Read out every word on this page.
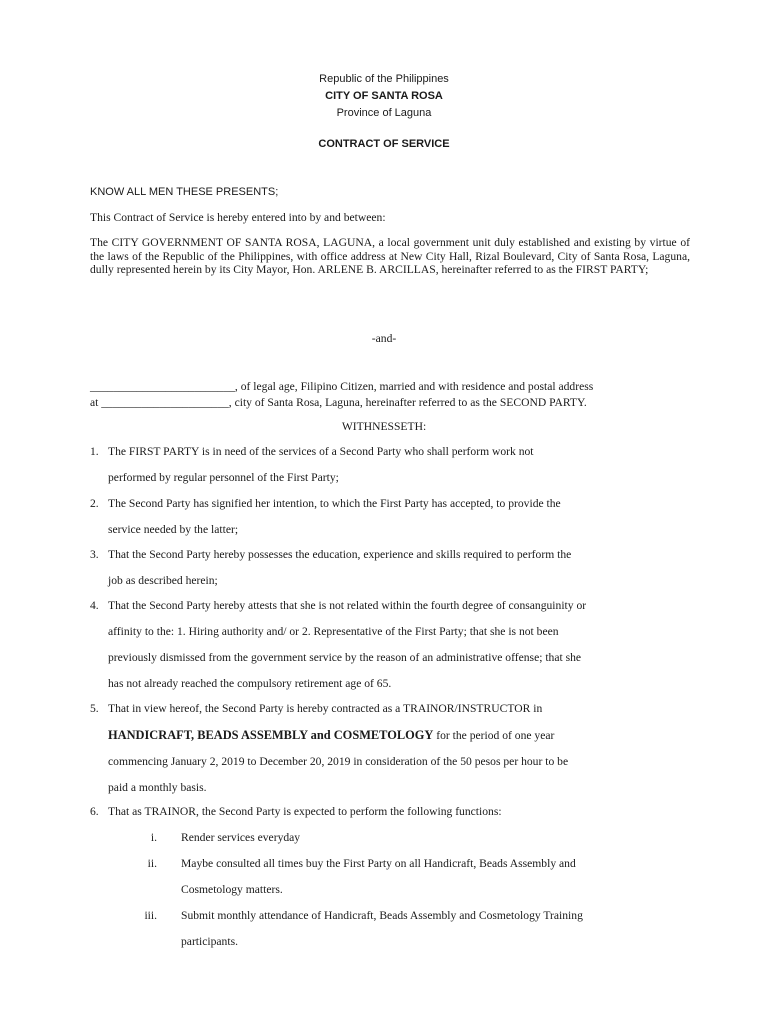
Republic of the Philippines
CITY OF SANTA ROSA
Province of Laguna
CONTRACT OF SERVICE
KNOW ALL MEN THESE PRESENTS;
This Contract of Service is hereby entered into by and between:
The CITY GOVERNMENT OF SANTA ROSA, LAGUNA, a local government unit duly established and existing by virtue of the laws of the Republic of the Philippines, with office address at New City Hall, Rizal Boulevard, City of Santa Rosa, Laguna, dully represented herein by its City Mayor, Hon. ARLENE B. ARCILLAS, hereinafter referred to as the FIRST PARTY;
-and-
_________________________, of legal age, Filipino Citizen, married and with residence and postal address
at ______________________, city of Santa Rosa, Laguna, hereinafter referred to as the SECOND PARTY.
WITHNESSETH:
1. The FIRST PARTY is in need of the services of a Second Party who shall perform work not
performed by regular personnel of the First Party;
2. The Second Party has signified her intention, to which the First Party has accepted, to provide the
service needed by the latter;
3. That the Second Party hereby possesses the education, experience and skills required to perform the
job as described herein;
4. That the Second Party hereby attests that she is not related within the fourth degree of consanguinity or
affinity to the: 1. Hiring authority and/ or 2. Representative of the First Party; that she is not been
previously dismissed from the government service by the reason of an administrative offense; that she
has not already reached the compulsory retirement age of 65.
5. That in view hereof, the Second Party is hereby contracted as a TRAINOR/INSTRUCTOR in
HANDICRAFT, BEADS ASSEMBLY and COSMETOLOGY for the period of one year
commencing January 2, 2019 to December 20, 2019 in consideration of the 50 pesos per hour to be
paid a monthly basis.
6. That as TRAINOR, the Second Party is expected to perform the following functions:
i. Render services everyday
ii. Maybe consulted all times buy the First Party on all Handicraft, Beads Assembly and
Cosmetology matters.
iii. Submit monthly attendance of Handicraft, Beads Assembly and Cosmetology Training
participants.
